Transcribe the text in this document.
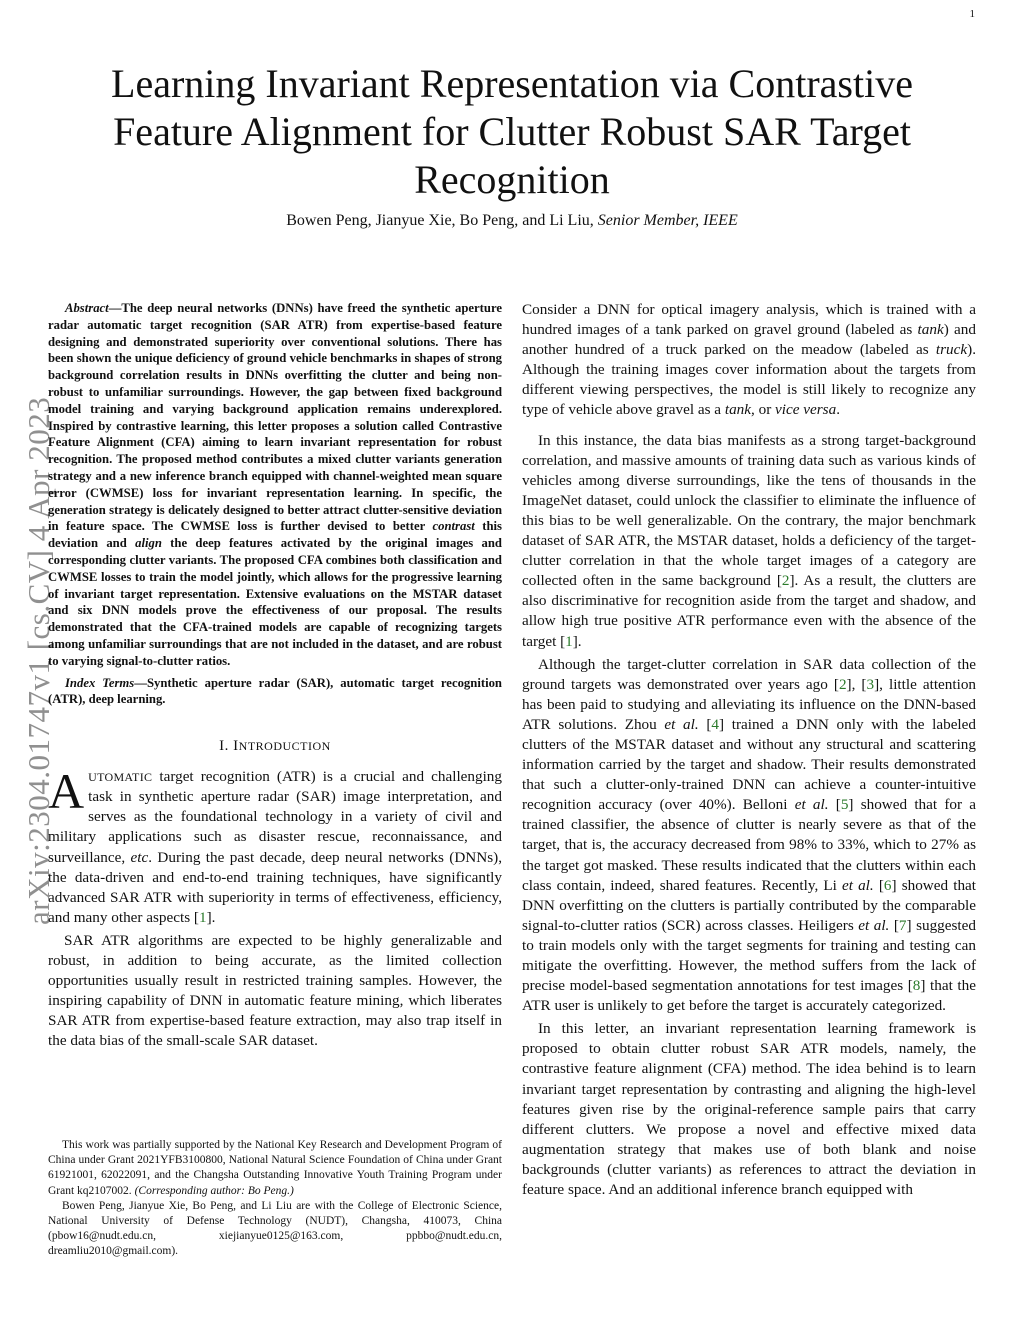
1
Learning Invariant Representation via Contrastive Feature Alignment for Clutter Robust SAR Target Recognition
Bowen Peng, Jianyue Xie, Bo Peng, and Li Liu, Senior Member, IEEE
arXiv:2304.01747v1 [cs.CV] 4 Apr 2023

Abstract—The deep neural networks (DNNs) have freed the synthetic aperture radar automatic target recognition (SAR ATR) from expertise-based feature designing and demonstrated superiority over conventional solutions. There has been shown the unique deficiency of ground vehicle benchmarks in shapes of strong background correlation results in DNNs overfitting the clutter and being non-robust to unfamiliar surroundings. However, the gap between fixed background model training and varying background application remains underexplored. Inspired by contrastive learning, this letter proposes a solution called Contrastive Feature Alignment (CFA) aiming to learn invariant representation for robust recognition. The proposed method contributes a mixed clutter variants generation strategy and a new inference branch equipped with channel-weighted mean square error (CWMSE) loss for invariant representation learning. In specific, the generation strategy is delicately designed to better attract clutter-sensitive deviation in feature space. The CWMSE loss is further devised to better contrast this deviation and align the deep features activated by the original images and corresponding clutter variants. The proposed CFA combines both classification and CWMSE losses to train the model jointly, which allows for the progressive learning of invariant target representation. Extensive evaluations on the MSTAR dataset and six DNN models prove the effectiveness of our proposal. The results demonstrated that the CFA-trained models are capable of recognizing targets among unfamiliar surroundings that are not included in the dataset, and are robust to varying signal-to-clutter ratios.

Index Terms—Synthetic aperture radar (SAR), automatic target recognition (ATR), deep learning.

I. INTRODUCTION

AUTOMATIC target recognition (ATR) is a crucial and challenging task in synthetic aperture radar (SAR) image interpretation, and serves as the foundational technology in a variety of civil and military applications such as disaster rescue, reconnaissance, and surveillance, etc. During the past decade, deep neural networks (DNNs), the data-driven and end-to-end training techniques, have significantly advanced SAR ATR with superiority in terms of effectiveness, efficiency, and many other aspects [1].

SAR ATR algorithms are expected to be highly generalizable and robust, in addition to being accurate, as the limited collection opportunities usually result in restricted training samples. However, the inspiring capability of DNN in automatic feature mining, which liberates SAR ATR from expertise-based feature extraction, may also trap itself in the data bias of the small-scale SAR dataset.

This work was partially supported by the National Key Research and Development Program of China under Grant 2021YFB3100800, National Natural Science Foundation of China under Grant 61921001, 62022091, and the Changsha Outstanding Innovative Youth Training Program under Grant kq2107002. (Corresponding author: Bo Peng.)

Bowen Peng, Jianyue Xie, Bo Peng, and Li Liu are with the College of Electronic Science, National University of Defense Technology (NUDT), Changsha, 410073, China (pbow16@nudt.edu.cn, xiejianyue0125@163.com, ppbbo@nudt.edu.cn, dreamliu2010@gmail.com).

Consider a DNN for optical imagery analysis, which is trained with a hundred images of a tank parked on gravel ground (labeled as tank) and another hundred of a truck parked on the meadow (labeled as truck). Although the training images cover information about the targets from different viewing perspectives, the model is still likely to recognize any type of vehicle above gravel as a tank, or vice versa.

In this instance, the data bias manifests as a strong target-background correlation, and massive amounts of training data such as various kinds of vehicles among diverse surroundings, like the tens of thousands in the ImageNet dataset, could unlock the classifier to eliminate the influence of this bias to be well generalizable. On the contrary, the major benchmark dataset of SAR ATR, the MSTAR dataset, holds a deficiency of the target-clutter correlation in that the whole target images of a category are collected often in the same background [2]. As a result, the clutters are also discriminative for recognition aside from the target and shadow, and allow high true positive ATR performance even with the absence of the target [1].

Although the target-clutter correlation in SAR data collection of the ground targets was demonstrated over years ago [2], [3], little attention has been paid to studying and alleviating its influence on the DNN-based ATR solutions. Zhou et al. [4] trained a DNN only with the labeled clutters of the MSTAR dataset and without any structural and scattering information carried by the target and shadow. Their results demonstrated that such a clutter-only-trained DNN can achieve a counter-intuitive recognition accuracy (over 40%). Belloni et al. [5] showed that for a trained classifier, the absence of clutter is nearly severe as that of the target, that is, the accuracy decreased from 98% to 33%, which to 27% as the target got masked. These results indicated that the clutters within each class contain, indeed, shared features. Recently, Li et al. [6] showed that DNN overfitting on the clutters is partially contributed by the comparable signal-to-clutter ratios (SCR) across classes. Heiligers et al. [7] suggested to train models only with the target segments for training and testing can mitigate the overfitting. However, the method suffers from the lack of precise model-based segmentation annotations for test images [8] that the ATR user is unlikely to get before the target is accurately categorized.

In this letter, an invariant representation learning framework is proposed to obtain clutter robust SAR ATR models, namely, the contrastive feature alignment (CFA) method. The idea behind is to learn invariant target representation by contrasting and aligning the high-level features given rise by the original-reference sample pairs that carry different clutters. We propose a novel and effective mixed data augmentation strategy that makes use of both blank and noise backgrounds (clutter variants) as references to attract the deviation in feature space. And an additional inference branch equipped with
